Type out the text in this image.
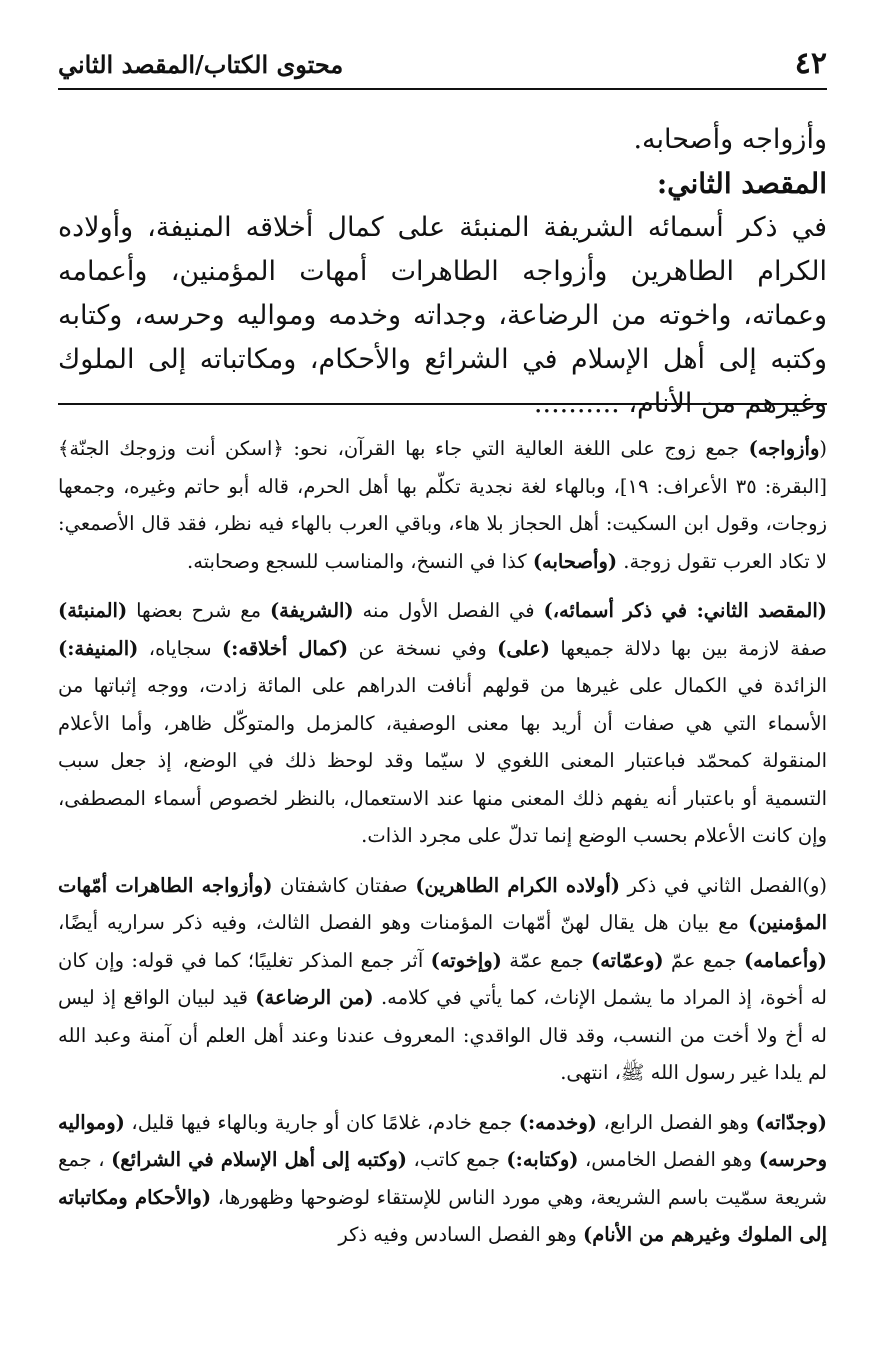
٤٢
محتوى الكتاب/المقصد الثاني

وأزواجه وأصحابه.

المقصد الثاني:

في ذكر أسمائه الشريفة المنبئة على كمال أخلاقه المنيفة، وأولاده الكرام الطاهرين وأزواجه الطاهرات أمهات المؤمنين، وأعمامه وعماته، واخوته من الرضاعة، وجداته وخدمه ومواليه وحرسه، وكتابه وكتبه إلى أهل الإسلام في الشرائع والأحكام، ومكاتباته إلى الملوك وغيرهم من الأنام، ..........

(وأزواجه) جمع زوج على اللغة العالية التي جاء بها القرآن، نحو: ﴿اسكن أنت وزوجك الجنّة﴾ [البقرة: ٣٥ الأعراف: ١٩]، وبالهاء لغة نجدية تكلّم بها أهل الحرم، قاله أبو حاتم وغيره، وجمعها زوجات، وقول ابن السكيت: أهل الحجاز بلا هاء، وباقي العرب بالهاء فيه نظر، فقد قال الأصمعي: لا تكاد العرب تقول زوجة. (وأصحابه) كذا في النسخ، والمناسب للسجع وصحابته.

(المقصد الثاني: في ذكر أسمائه،) في الفصل الأول منه (الشريفة) مع شرح بعضها (المنبئة) صفة لازمة بين بها دلالة جميعها (على) وفي نسخة عن (كمال أخلاقه:) سجاياه، (المنيفة:) الزائدة في الكمال على غيرها من قولهم أنافت الدراهم على المائة زادت، ووجه إثباتها من الأسماء التي هي صفات أن أريد بها معنى الوصفية، كالمزمل والمتوكّل ظاهر، وأما الأعلام المنقولة كمحمّد فباعتبار المعنى اللغوي لا سيّما وقد لوحظ ذلك في الوضع، إذ جعل سبب التسمية أو باعتبار أنه يفهم ذلك المعنى منها عند الاستعمال، بالنظر لخصوص أسماء المصطفى، وإن كانت الأعلام بحسب الوضع إنما تدلّ على مجرد الذات.

(و)الفصل الثاني في ذكر (أولاده الكرام الطاهرين) صفتان كاشفتان (وأزواجه الطاهرات أمّهات المؤمنين) مع بيان هل يقال لهنّ أمّهات المؤمنات وهو الفصل الثالث، وفيه ذكر سراريه أيضًا، (وأعمامه) جمع عمّ (وعمّاته) جمع عمّة (وإخوته) آثر جمع المذكر تغليبًا؛ كما في قوله: وإن كان له أخوة، إذ المراد ما يشمل الإناث، كما يأتي في كلامه. (من الرضاعة) قيد لبيان الواقع إذ ليس له أخ ولا أخت من النسب، وقد قال الواقدي: المعروف عندنا وعند أهل العلم أن آمنة وعبد الله لم يلدا غير رسول الله ﷺ، انتهى.

(وجدّاته) وهو الفصل الرابع، (وخدمه:) جمع خادم، غلامًا كان أو جارية وبالهاء فيها قليل، (ومواليه وحرسه) وهو الفصل الخامس، (وكتابه:) جمع كاتب، (وكتبه إلى أهل الإسلام في الشرائع) ، جمع شريعة سمّيت باسم الشريعة، وهي مورد الناس للإستقاء لوضوحها وظهورها، (والأحكام ومكاتباته إلى الملوك وغيرهم من الأنام) وهو الفصل السادس وفيه ذكر
